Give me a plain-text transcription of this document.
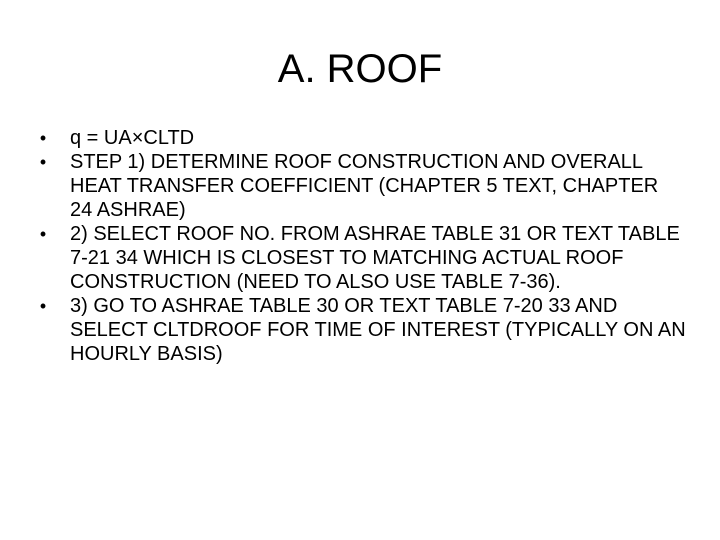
A. ROOF
• q = UA×CLTD
• STEP 1) DETERMINE ROOF CONSTRUCTION AND OVERALL HEAT TRANSFER COEFFICIENT (CHAPTER 5 TEXT, CHAPTER 24 ASHRAE)
• 2) SELECT ROOF NO. FROM ASHRAE TABLE 31 OR TEXT TABLE 7-21 34 WHICH IS CLOSEST TO MATCHING ACTUAL ROOF CONSTRUCTION (NEED TO ALSO USE TABLE 7-36).
• 3) GO TO ASHRAE TABLE 30 OR TEXT TABLE 7-20 33 AND SELECT CLTDROOF FOR TIME OF INTEREST (TYPICALLY ON AN HOURLY BASIS)
